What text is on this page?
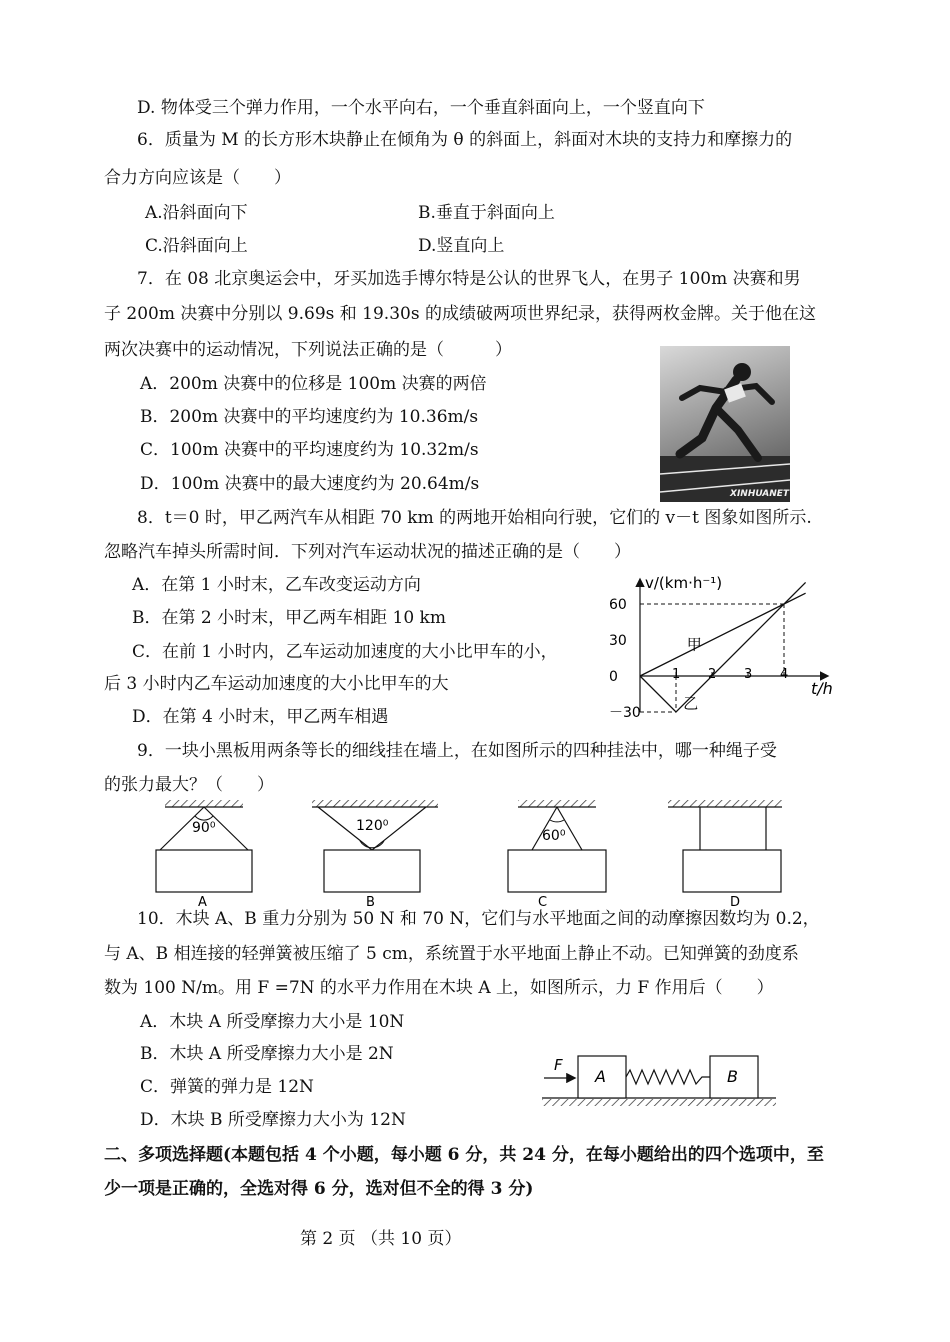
D. 物体受三个弹力作用，一个水平向右，一个垂直斜面向上，一个竖直向下
6．质量为 M 的长方形木块静止在倾角为 θ 的斜面上，斜面对木块的支持力和摩擦力的
合力方向应该是（　　）
A.沿斜面向下	B.垂直于斜面向上
C.沿斜面向上	D.竖直向上
7．在 08 北京奥运会中，牙买加选手博尔特是公认的世界飞人，在男子 100m 决赛和男
子 200m 决赛中分别以 9.69s 和 19.30s 的成绩破两项世界纪录，获得两枚金牌。关于他在这
两次决赛中的运动情况，下列说法正确的是（　　　）
A．200m 决赛中的位移是 100m 决赛的两倍
B．200m 决赛中的平均速度约为 10.36m/s
C．100m 决赛中的平均速度约为 10.32m/s
D．100m 决赛中的最大速度约为 20.64m/s	XINHUANET
8．t＝0 时，甲乙两汽车从相距 70 km 的两地开始相向行驶，它们的 v－t 图象如图所示.
忽略汽车掉头所需时间．下列对汽车运动状况的描述正确的是（　　）
A．在第 1 小时末，乙车改变运动方向
B．在第 2 小时末，甲乙两车相距 10 km
C．在前 1 小时内，乙车运动加速度的大小比甲车的小，
后 3 小时内乙车运动加速度的大小比甲车的大
D．在第 4 小时末，甲乙两车相遇
v/(km·h⁻¹)
t/h
60
30
0
－30
1 2 3 4
甲
乙
9．一块小黑板用两条等长的细线挂在墙上，在如图所示的四种挂法中，哪一种绳子受
的张力最大？（　　）
90⁰
A
120⁰
B
60⁰
C	D
10．木块 A、B 重力分别为 50 N 和 70 N，它们与水平地面之间的动摩擦因数均为 0.2，
与 A、B 相连接的轻弹簧被压缩了 5 cm，系统置于水平地面上静止不动。已知弹簧的劲度系
数为 100 N/m。用 F =7N 的水平力作用在木块 A 上，如图所示，力 F 作用后（　　）
A．木块 A 所受摩擦力大小是 10N
B．木块 A 所受摩擦力大小是 2N
C．弹簧的弹力是 12N
D．木块 B 所受摩擦力大小为 12N
F
A	B
二、多项选择题(本题包括 4 个小题，每小题 6 分，共 24 分，在每小题给出的四个选项中，至
少一项是正确的，全选对得 6 分，选对但不全的得 3 分)
第 2 页 （共 10 页）
